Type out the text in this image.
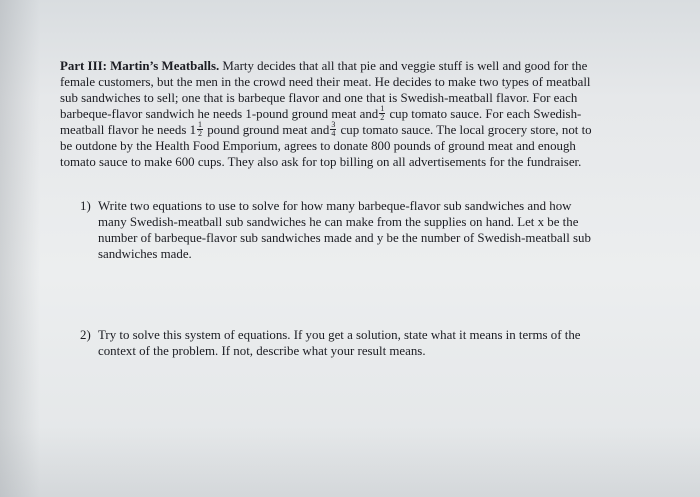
Part III: Martin’s Meatballs. Marty decides that all that pie and veggie stuff is well and good for the

female customers, but the men in the crowd need their meat. He decides to make two types of meatball

sub sandwiches to sell; one that is barbeque flavor and one that is Swedish-meatball flavor. For each

barbeque-flavor sandwich he needs 1-pound ground meat and $\frac{1}{2}$ cup tomato sauce. For each Swedish-

meatball flavor he needs $1 \frac{1}{2}$ pound ground meat and $\frac{3}{4}$ cup tomato sauce. The local grocery store, not to

be outdone by the Health Food Emporium, agrees to donate 800 pounds of ground meat and enough

tomato sauce to make 600 cups. They also ask for top billing on all advertisements for the fundraiser.

1) Write two equations to use to solve for how many barbeque-flavor sub sandwiches and how

many Swedish-meatball sub sandwiches he can make from the supplies on hand. Let x be the

number of barbeque-flavor sub sandwiches made and y be the number of Swedish-meatball sub

sandwiches made.

2) Try to solve this system of equations. If you get a solution, state what it means in terms of the

context of the problem. If not, describe what your result means.
